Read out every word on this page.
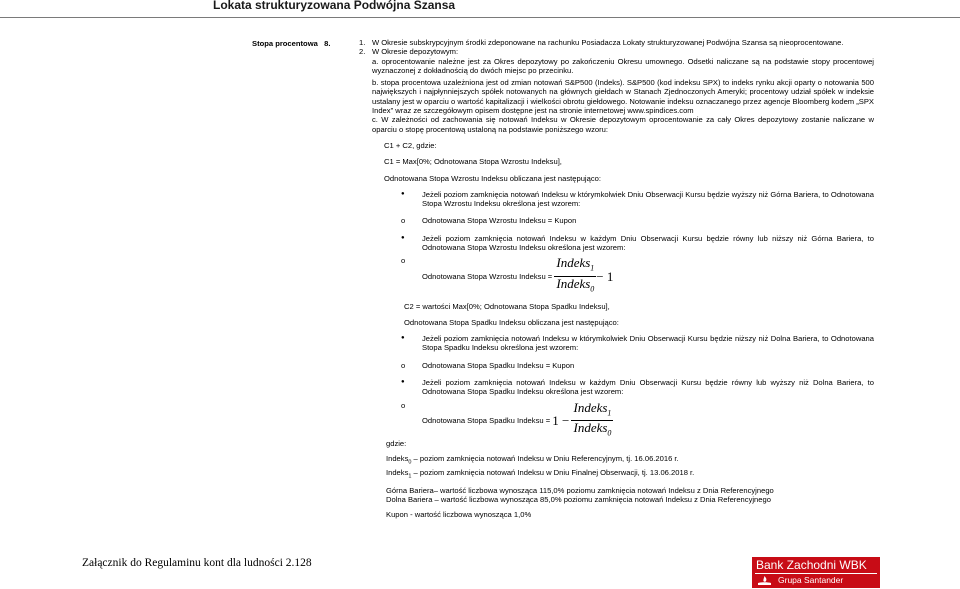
Lokata strukturyzowana Podwójna Szansa
Stopa procentowa 8.	1. W Okresie subskrypcyjnym środki zdeponowane na rachunku Posiadacza Lokaty strukturyzowanej Podwójna Szansa są nieoprocentowane.
2. W Okresie depozytowym:
a. oprocentowanie należne jest za Okres depozytowy po zakończeniu Okresu umownego. Odsetki naliczane są na podstawie stopy procentowej wyznaczonej z dokładnością do dwóch miejsc po przecinku.
b. stopa procentowa uzależniona jest od zmian notowań S&P500 (Indeks). S&P500 (kod indeksu SPX) to indeks rynku akcji oparty o notowania 500 największych i najpłynniejszych spółek notowanych na głównych giełdach w Stanach Zjednoczonych Ameryki; procentowy udział spółek w indeksie ustalany jest w oparciu o wartość kapitalizacji i wielkości obrotu giełdowego. Notowanie indeksu oznaczanego przez agencje Bloomberg kodem „SPX Index” wraz ze szczegółowym opisem dostępne jest na stronie internetowej www.spindices.com
c. W zależności od zachowania się notowań Indeksu w Okresie depozytowym oprocentowanie za cały Okres depozytowy zostanie naliczane w oparciu o stopę procentową ustaloną na podstawie poniższego wzoru:
C1 + C2, gdzie:
C1 = Max[0%; Odnotowana Stopa Wzrostu Indeksu],
Odnotowana Stopa Wzrostu Indeksu obliczana jest następująco:
● Jeżeli poziom zamknięcia notowań Indeksu w którymkolwiek Dniu Obserwacji Kursu będzie wyższy niż Górna Bariera, to Odnotowana Stopa Wzrostu Indeksu określona jest wzorem:
o Odnotowana Stopa Wzrostu Indeksu = Kupon
● Jeżeli poziom zamknięcia notowań Indeksu w każdym Dniu Obserwacji Kursu będzie równy lub niższy niż Górna Bariera, to Odnotowana Stopa Wzrostu Indeksu określona jest wzorem:
o Odnotowana Stopa Wzrostu Indeksu =
$\frac{Indeks_1}{Indeks_0} - 1$
C2 = wartości Max[0%; Odnotowana Stopa Spadku Indeksu],
Odnotowana Stopa Spadku Indeksu obliczana jest następująco:
● Jeżeli poziom zamknięcia notowań Indeksu w którymkolwiek Dniu Obserwacji Kursu będzie niższy niż Dolna Bariera, to Odnotowana Stopa Spadku Indeksu określona jest wzorem:
o Odnotowana Stopa Spadku Indeksu = Kupon
● Jeżeli poziom zamknięcia notowań Indeksu w każdym Dniu Obserwacji Kursu będzie równy lub wyższy niż Dolna Bariera, to Odnotowana Stopa Spadku Indeksu określona jest wzorem:
o Odnotowana Stopa Spadku Indeksu =
1 −
$\frac{Indeks_1}{Indeks_0}$
gdzie:
Indeks$_0$ – poziom zamknięcia notowań Indeksu w Dniu Referencyjnym, tj. 16.06.2016 r.
Indeks$_1$ – poziom zamknięcia notowań Indeksu w Dniu Finalnej Obserwacji, tj. 13.06.2018 r.
Górna Bariera– wartość liczbowa wynosząca 115,0% poziomu zamknięcia notowań Indeksu z Dnia Referencyjnego
Dolna Bariera – wartość liczbowa wynosząca 85,0% poziomu zamknięcia notowań Indeksu z Dnia Referencyjnego
Kupon - wartość liczbowa wynosząca 1,0%
Załącznik do Regulaminu kont dla ludności 2.128	Bank Zachodni WBK
Grupa Santander
